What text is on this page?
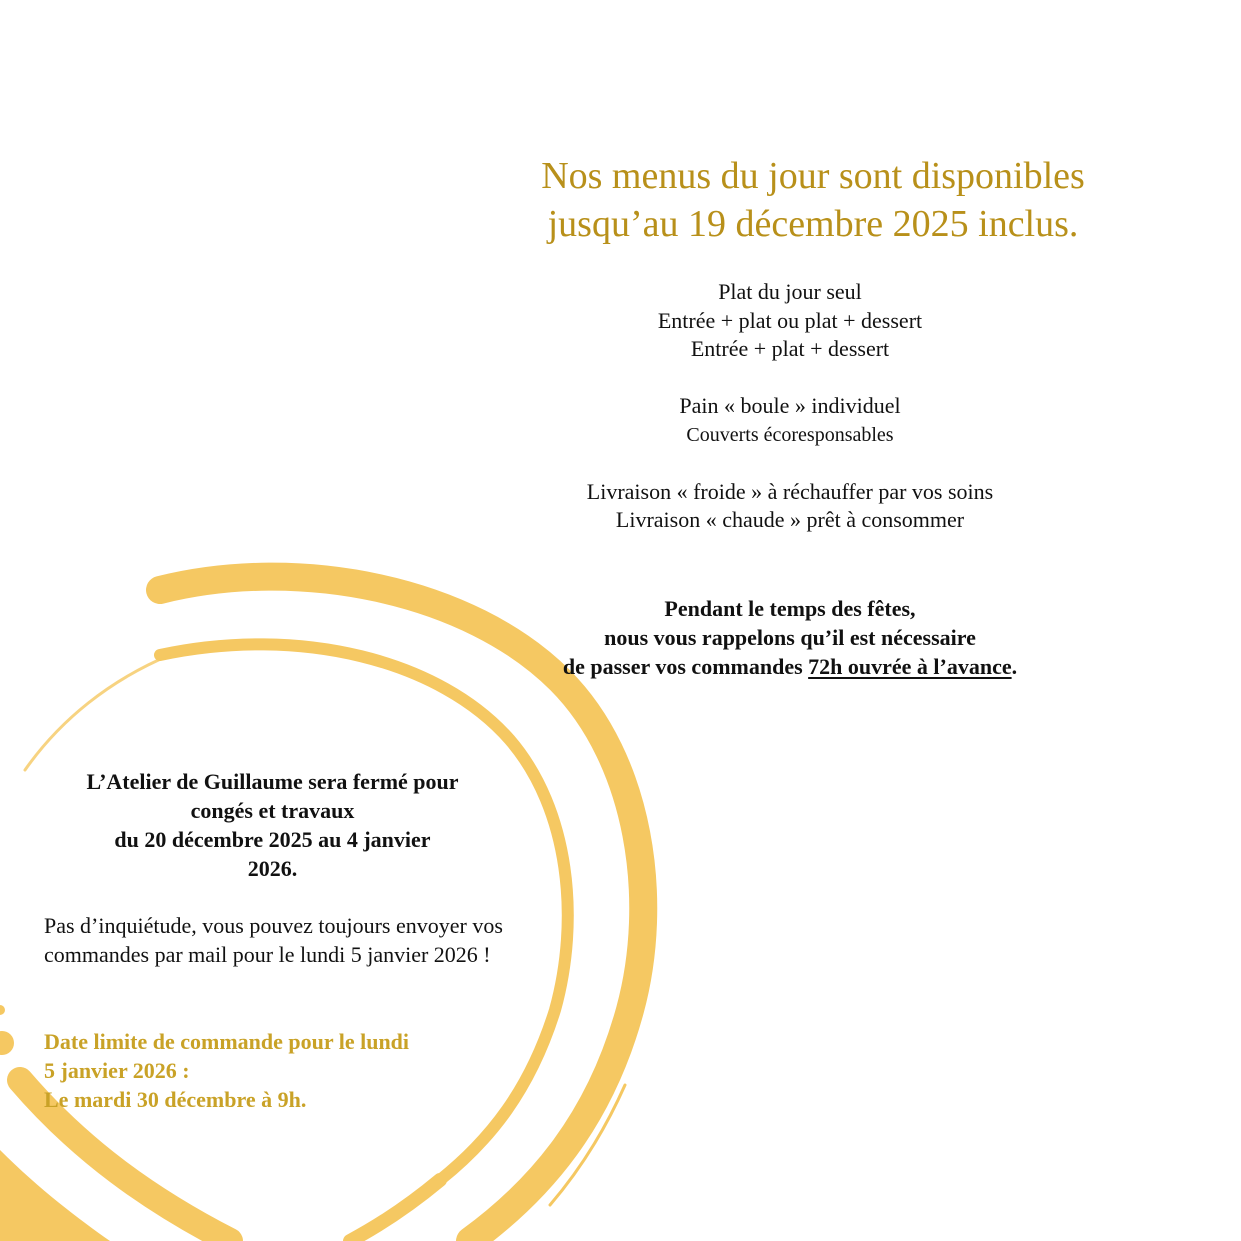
Nos menus du jour sont disponibles
jusqu’au 19 décembre 2025 inclus.
Plat du jour seul
Entrée + plat ou plat + dessert
Entrée + plat + dessert
Pain « boule » individuel
Couverts écoresponsables
Livraison « froide » à réchauffer par vos soins
Livraison « chaude » prêt à consommer
Pendant le temps des fêtes,
nous vous rappelons qu’il est nécessaire
de passer vos commandes 72h ouvrée à l’avance.
L’Atelier de Guillaume sera fermé pour
congés et travaux
du 20 décembre 2025 au 4 janvier
2026.
Pas d’inquiétude, vous pouvez toujours envoyer vos commandes par mail pour le lundi 5 janvier 2026 !
Date limite de commande pour le lundi
5 janvier 2026 :
Le mardi 30 décembre à 9h.
